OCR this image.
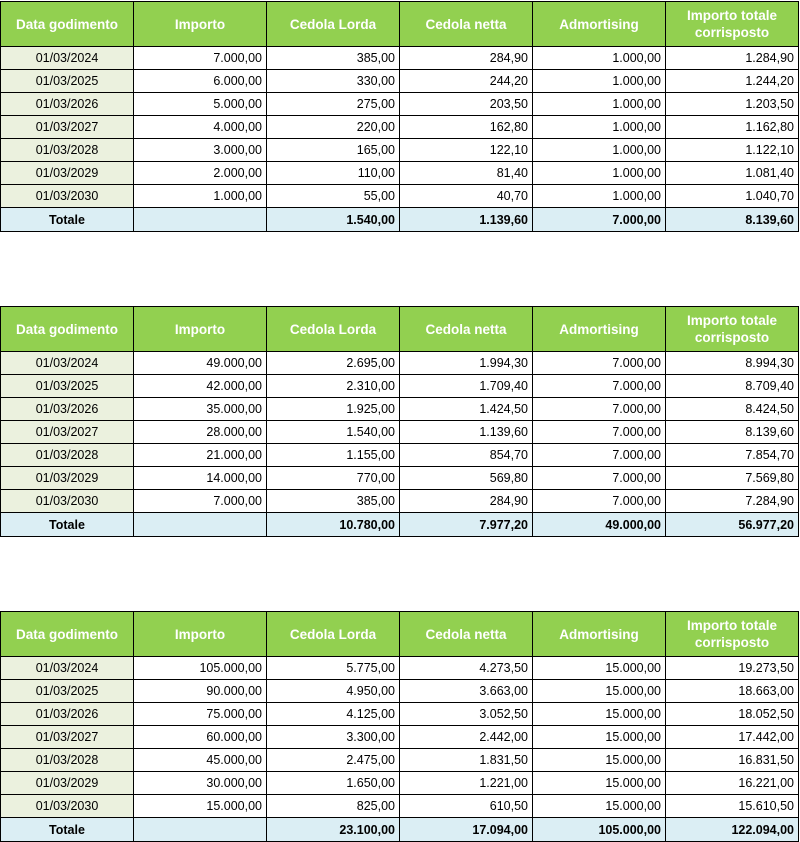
Data godimento	Importo	Cedola Lorda	Cedola netta	Admortising	Importo totale corrisposto
01/03/2024	7.000,00	385,00	284,90	1.000,00	1.284,90
01/03/2025	6.000,00	330,00	244,20	1.000,00	1.244,20
01/03/2026	5.000,00	275,00	203,50	1.000,00	1.203,50
01/03/2027	4.000,00	220,00	162,80	1.000,00	1.162,80
01/03/2028	3.000,00	165,00	122,10	1.000,00	1.122,10
01/03/2029	2.000,00	110,00	81,40	1.000,00	1.081,40
01/03/2030	1.000,00	55,00	40,70	1.000,00	1.040,70
Totale		1.540,00	1.139,60	7.000,00	8.139,60
Data godimento	Importo	Cedola Lorda	Cedola netta	Admortising	Importo totale corrisposto
01/03/2024	49.000,00	2.695,00	1.994,30	7.000,00	8.994,30
01/03/2025	42.000,00	2.310,00	1.709,40	7.000,00	8.709,40
01/03/2026	35.000,00	1.925,00	1.424,50	7.000,00	8.424,50
01/03/2027	28.000,00	1.540,00	1.139,60	7.000,00	8.139,60
01/03/2028	21.000,00	1.155,00	854,70	7.000,00	7.854,70
01/03/2029	14.000,00	770,00	569,80	7.000,00	7.569,80
01/03/2030	7.000,00	385,00	284,90	7.000,00	7.284,90
Totale		10.780,00	7.977,20	49.000,00	56.977,20
Data godimento	Importo	Cedola Lorda	Cedola netta	Admortising	Importo totale corrisposto
01/03/2024	105.000,00	5.775,00	4.273,50	15.000,00	19.273,50
01/03/2025	90.000,00	4.950,00	3.663,00	15.000,00	18.663,00
01/03/2026	75.000,00	4.125,00	3.052,50	15.000,00	18.052,50
01/03/2027	60.000,00	3.300,00	2.442,00	15.000,00	17.442,00
01/03/2028	45.000,00	2.475,00	1.831,50	15.000,00	16.831,50
01/03/2029	30.000,00	1.650,00	1.221,00	15.000,00	16.221,00
01/03/2030	15.000,00	825,00	610,50	15.000,00	15.610,50
Totale		23.100,00	17.094,00	105.000,00	122.094,00
